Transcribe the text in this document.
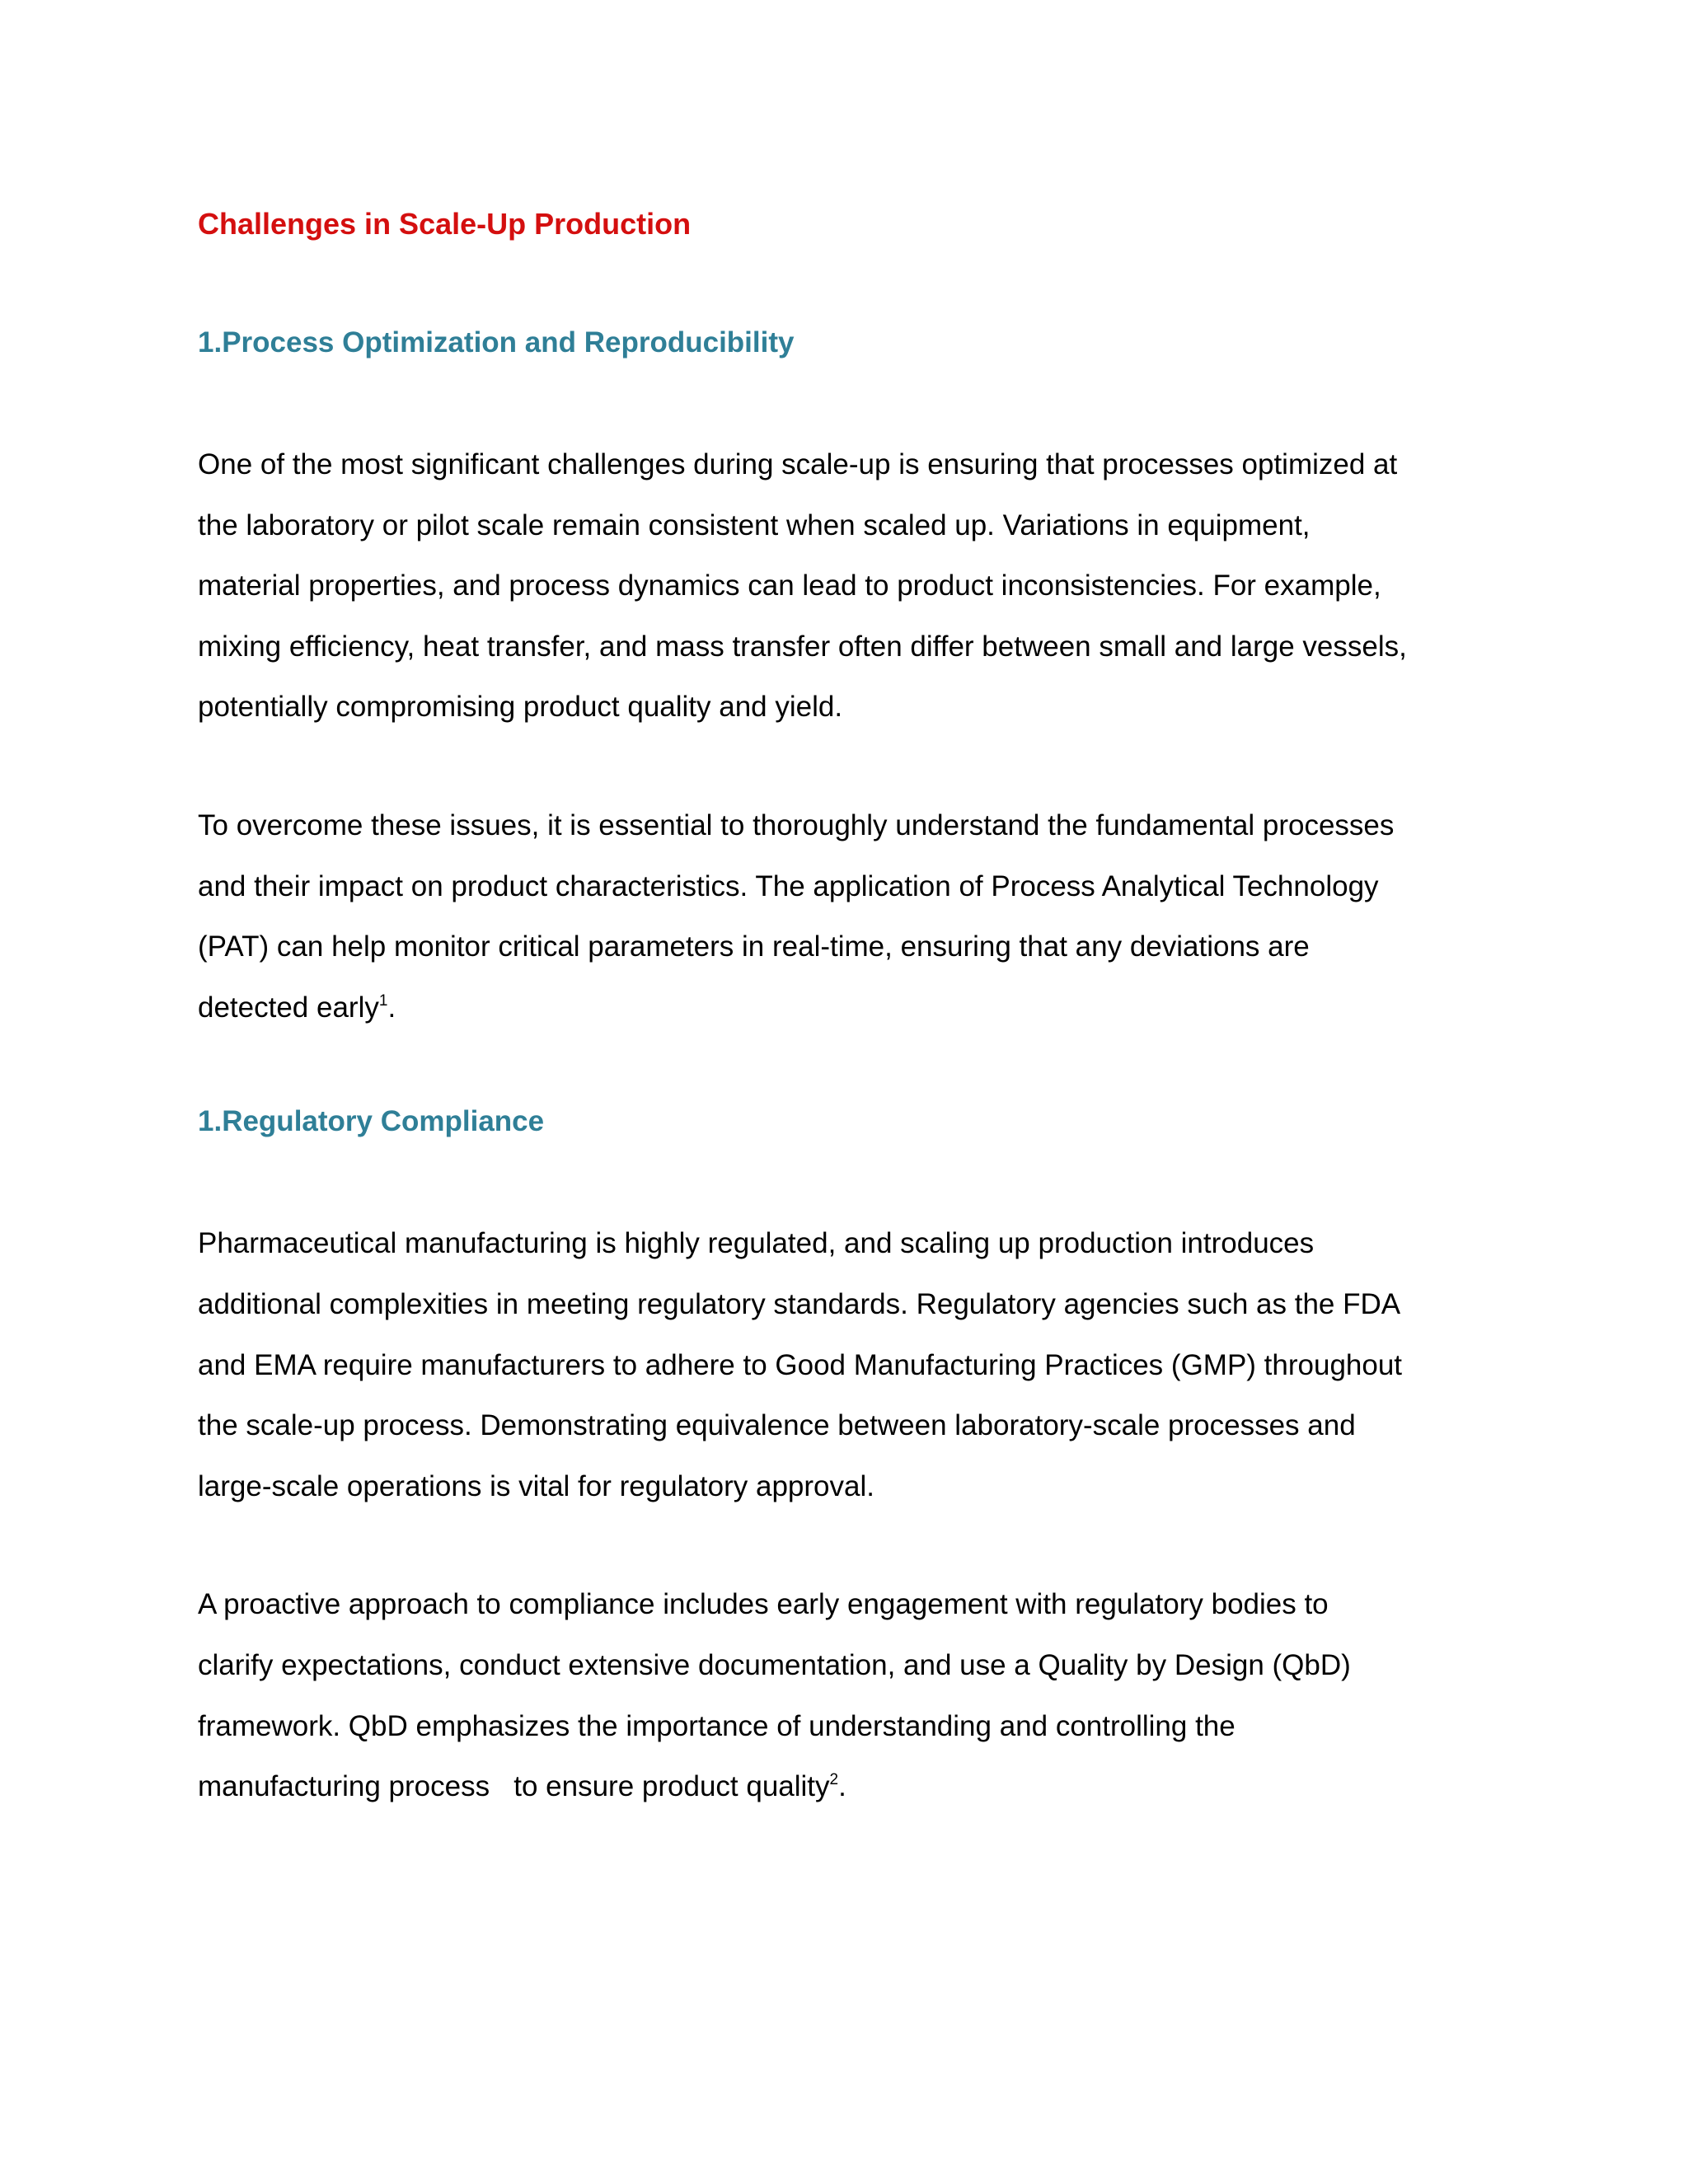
Challenges in Scale-Up Production
1.Process Optimization and Reproducibility

One of the most significant challenges during scale-up is ensuring that processes optimized at
the laboratory or pilot scale remain consistent when scaled up. Variations in equipment,
material properties, and process dynamics can lead to product inconsistencies. For example,
mixing efficiency, heat transfer, and mass transfer often differ between small and large vessels,
potentially compromising product quality and yield.

To overcome these issues, it is essential to thoroughly understand the fundamental processes
and their impact on product characteristics. The application of Process Analytical Technology
(PAT) can help monitor critical parameters in real-time, ensuring that any deviations are
detected early$^1$.

1.Regulatory Compliance

Pharmaceutical manufacturing is highly regulated, and scaling up production introduces
additional complexities in meeting regulatory standards. Regulatory agencies such as the FDA
and EMA require manufacturers to adhere to Good Manufacturing Practices (GMP) throughout
the scale-up process. Demonstrating equivalence between laboratory-scale processes and
large-scale operations is vital for regulatory approval.

A proactive approach to compliance includes early engagement with regulatory bodies to
clarify expectations, conduct extensive documentation, and use a Quality by Design (QbD)
framework. QbD emphasizes the importance of understanding and controlling the
manufacturing process   to ensure product quality$^2$.
